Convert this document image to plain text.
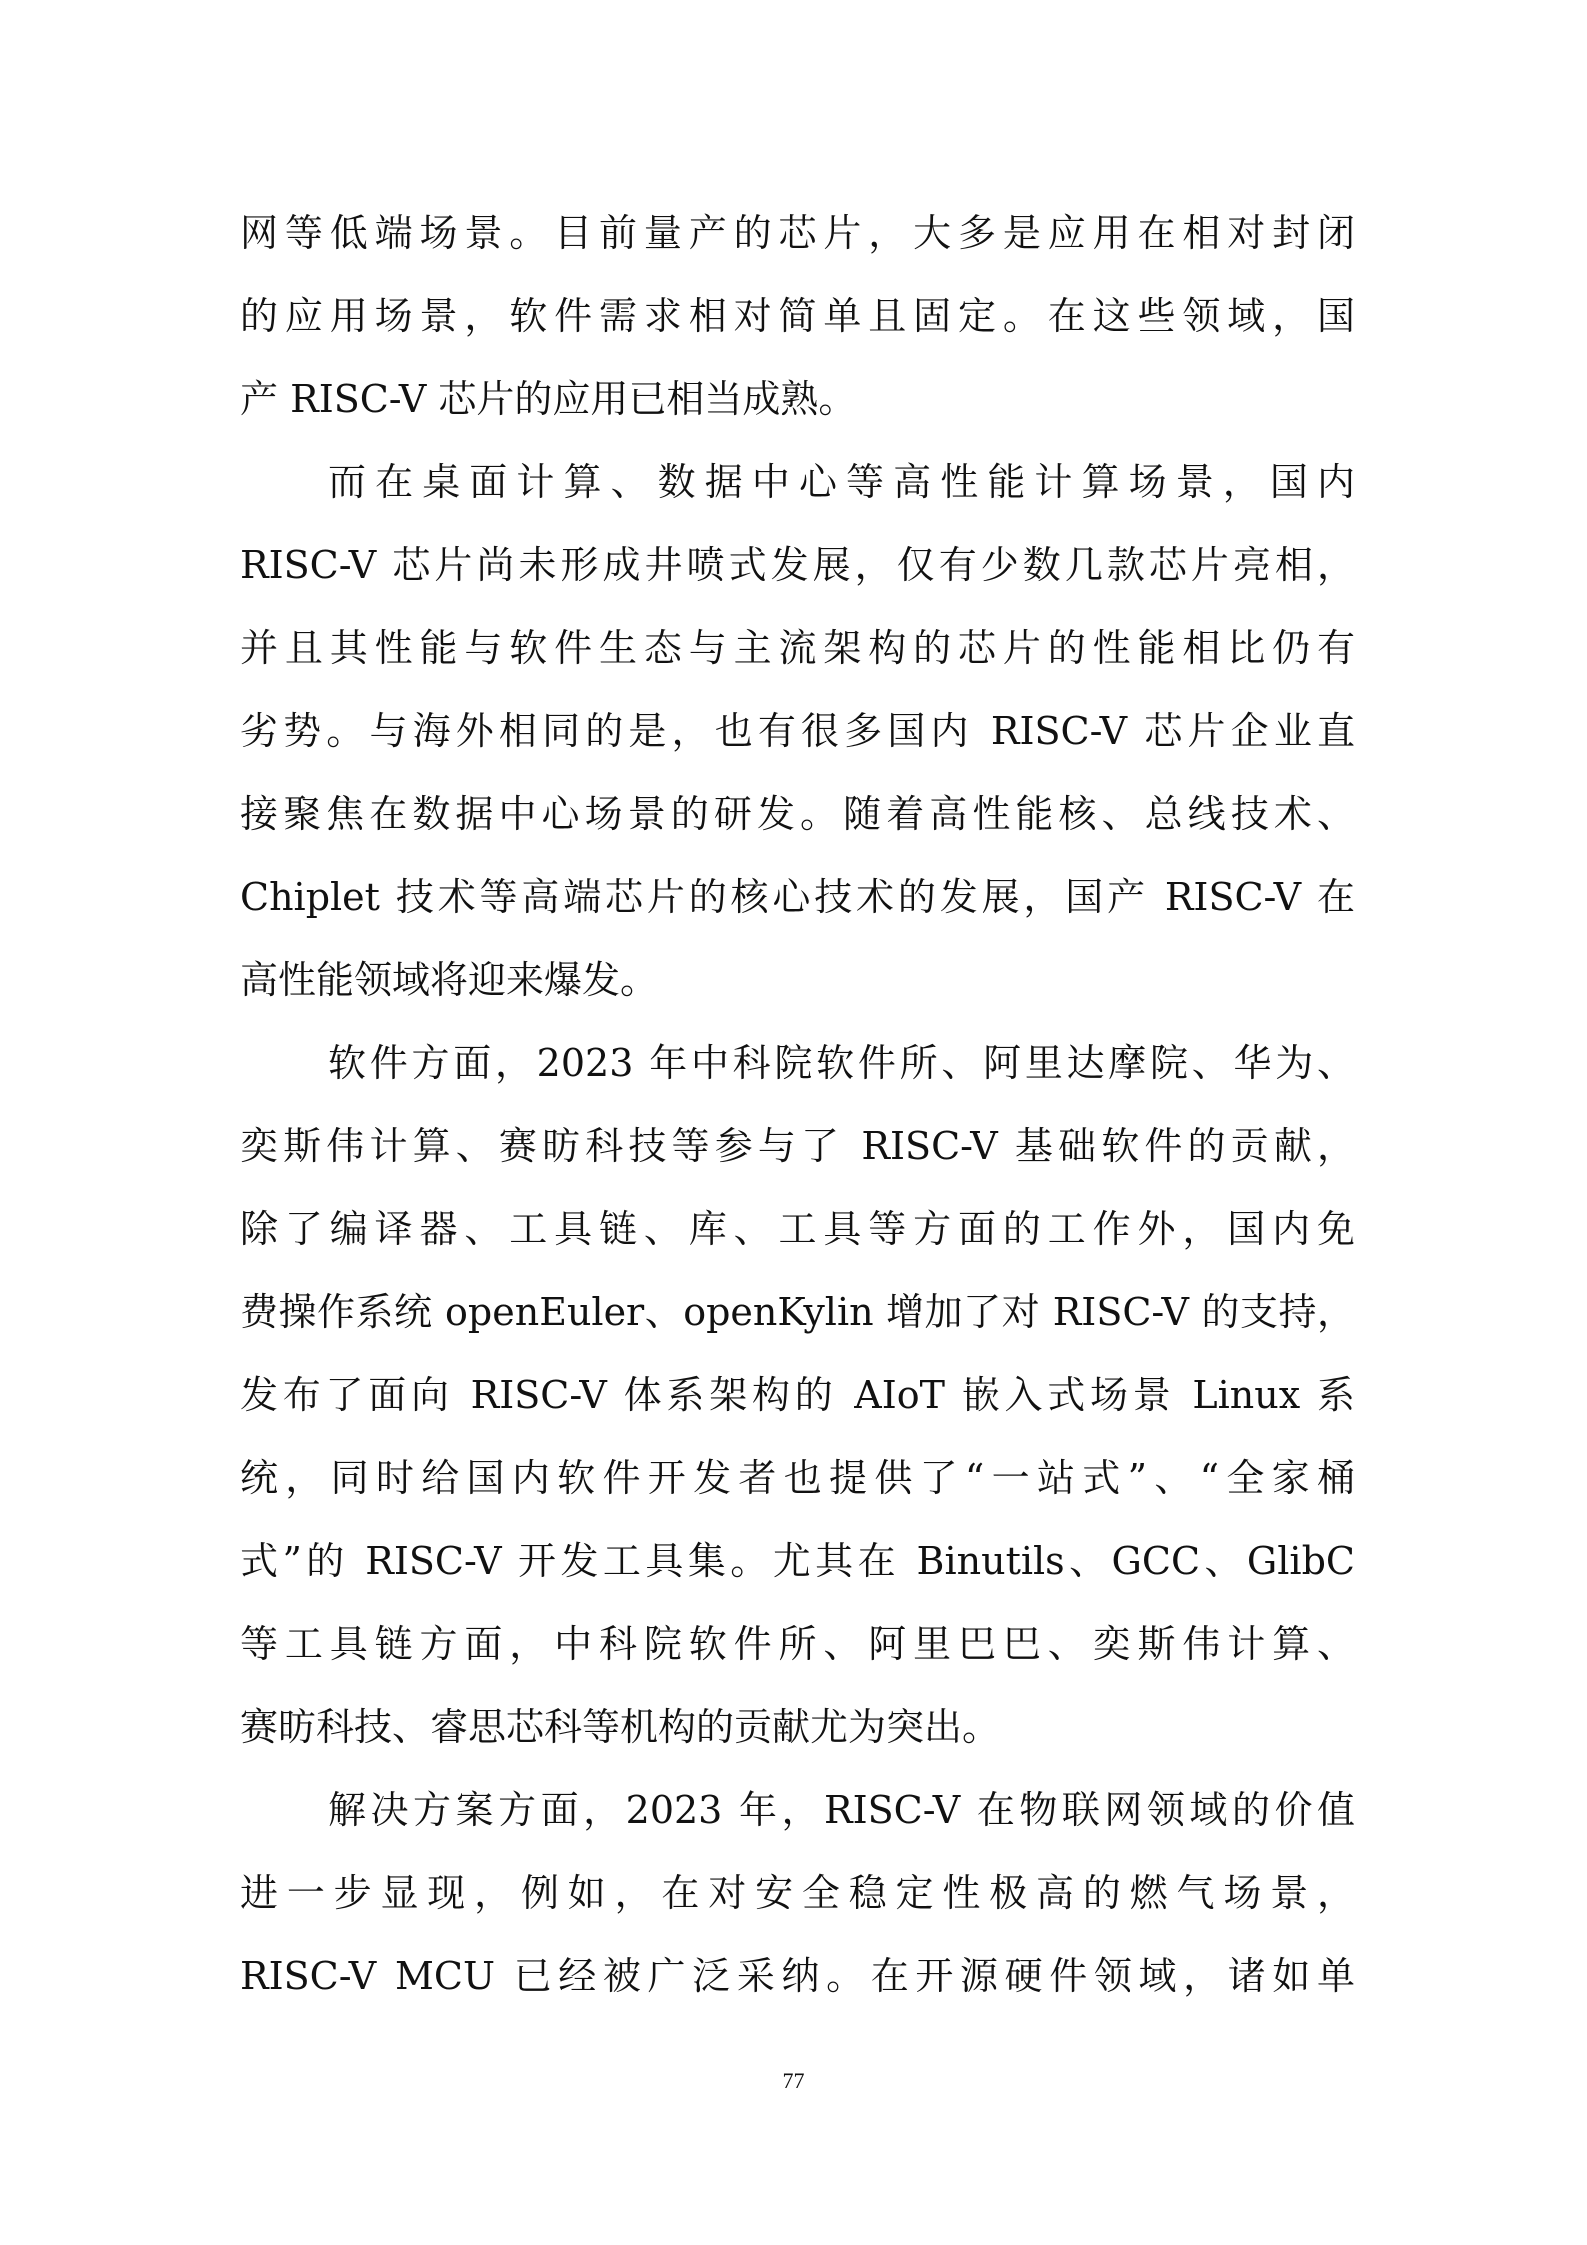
网等低端场景。目前量产的芯片，大多是应用在相对封闭
的应用场景，软件需求相对简单且固定。在这些领域，国
产 RISC-V 芯片的应用已相当成熟。
而在桌面计算、数据中心等高性能计算场景，国内
RISC-V 芯片尚未形成井喷式发展，仅有少数几款芯片亮相，
并且其性能与软件生态与主流架构的芯片的性能相比仍有
劣势。与海外相同的是，也有很多国内 RISC-V 芯片企业直
接聚焦在数据中心场景的研发。随着高性能核、总线技术、
Chiplet 技术等高端芯片的核心技术的发展，国产 RISC-V 在
高性能领域将迎来爆发。
软件方面，2023 年中科院软件所、阿里达摩院、华为、
奕斯伟计算、赛昉科技等参与了 RISC-V 基础软件的贡献，
除了编译器、工具链、库、工具等方面的工作外，国内免
费操作系统 openEuler、openKylin 增加了对 RISC-V 的支持，
发布了面向 RISC-V 体系架构的 AIoT 嵌入式场景 Linux 系
统，同时给国内软件开发者也提供了“一站式”、“全家桶
式”的 RISC-V 开发工具集。尤其在 Binutils、GCC、GlibC
等工具链方面，中科院软件所、阿里巴巴、奕斯伟计算、
赛昉科技、睿思芯科等机构的贡献尤为突出。
解决方案方面，2023 年，RISC-V 在物联网领域的价值
进一步显现，例如，在对安全稳定性极高的燃气场景，
RISC-V MCU 已经被广泛采纳。在开源硬件领域，诸如单
77
